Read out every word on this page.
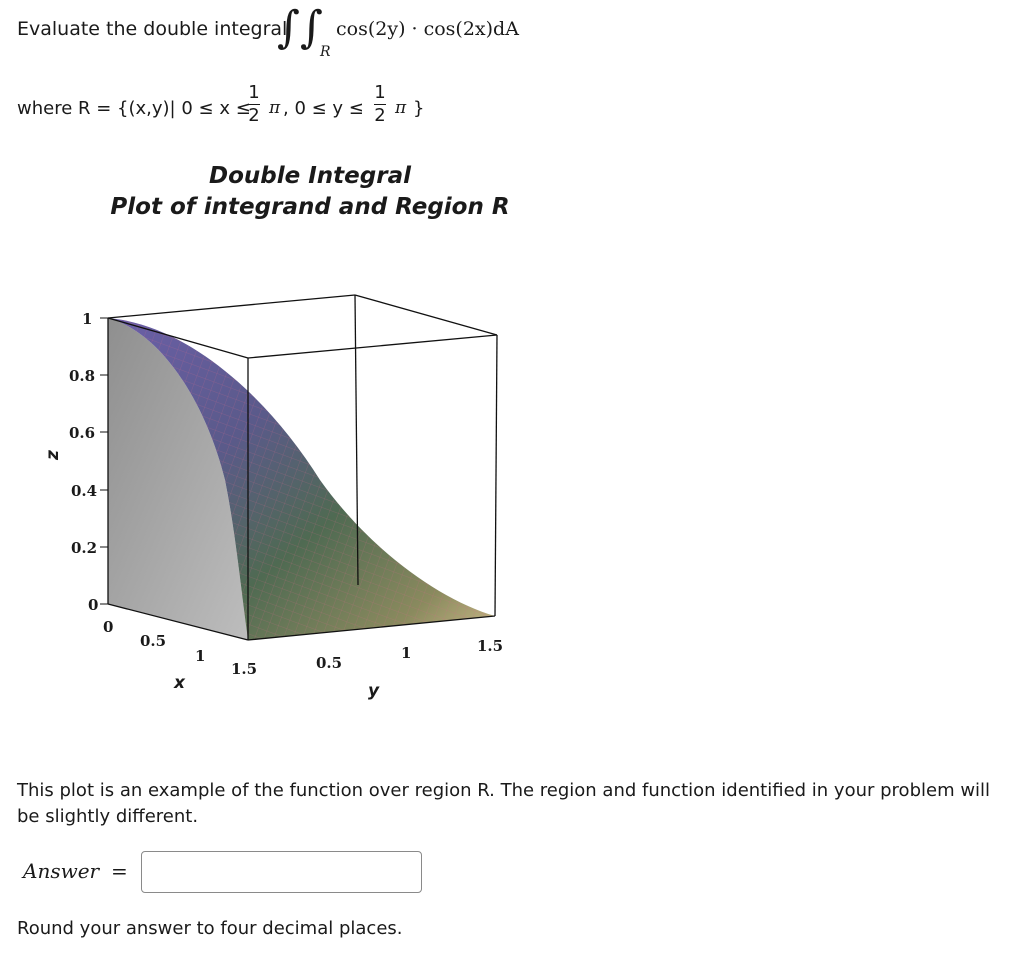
Evaluate the double integral
∫ ∫
R
cos(2y) · cos(2x)dA
where R = {(x,y)| 0 ≤ x ≤
1
2 π , 0 ≤ y ≤
1
2 π }
Double Integral
Plot of integrand and Region R
1
0.8
0.6
0.4
0.2
0
z
0
0.5
1
1.5
x
0.5
1	1.5
y
This plot is an example of the function over region R. The region and function identified in your problem will be slightly different.
Answer =
Round your answer to four decimal places.
